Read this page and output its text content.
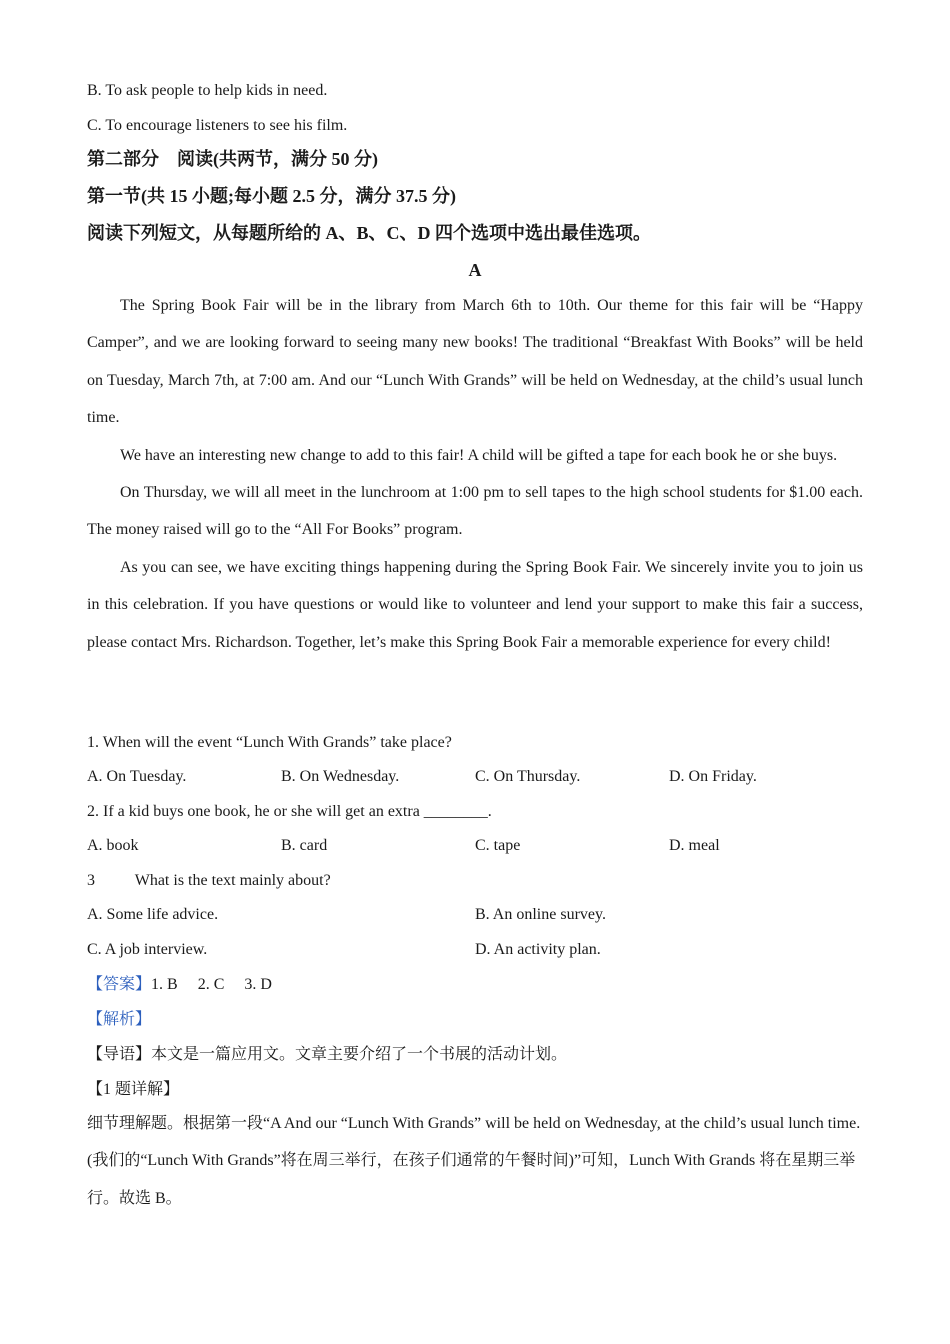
B. To ask people to help kids in need.
C. To encourage listeners to see his film.
第二部分　阅读(共两节，满分 50 分)
第一节(共 15 小题;每小题 2.5 分，满分 37.5 分)
阅读下列短文，从每题所给的 A、B、C、D 四个选项中选出最佳选项。
A

The Spring Book Fair will be in the library from March 6th to 10th. Our theme for this fair will be “Happy Camper”, and we are looking forward to seeing many new books! The traditional “Breakfast With Books” will be held on Tuesday, March 7th, at 7:00 am. And our “Lunch With Grands” will be held on Wednesday, at the child’s usual lunch time.

We have an interesting new change to add to this fair! A child will be gifted a tape for each book he or she buys.

On Thursday, we will all meet in the lunchroom at 1:00 pm to sell tapes to the high school students for $1.00 each. The money raised will go to the “All For Books” program.

As you can see, we have exciting things happening during the Spring Book Fair. We sincerely invite you to join us in this celebration. If you have questions or would like to volunteer and lend your support to make this fair a success, please contact Mrs. Richardson. Together, let’s make this Spring Book Fair a memorable experience for every child!

1. When will the event “Lunch With Grands” take place?
A. On Tuesday.	B. On Wednesday.	C. On Thursday.	D. On Friday.
2. If a kid buys one book, he or she will get an extra ________.
A. book	B. card	C. tape	D. meal
3 What is the text mainly about?
A. Some life advice.	B. An online survey.
C. A job interview.	D. An activity plan.
【答案】1. B　 2. C　 3. D
【解析】
【导语】本文是一篇应用文。文章主要介绍了一个书展的活动计划。
【1 题详解】

细节理解题。根据第一段“A And our “Lunch With Grands” will be held on Wednesday, at the child’s usual lunch time.(我们的“Lunch With Grands”将在周三举行，在孩子们通常的午餐时间)”可知，Lunch With Grands 将在星期三举行。故选 B。
